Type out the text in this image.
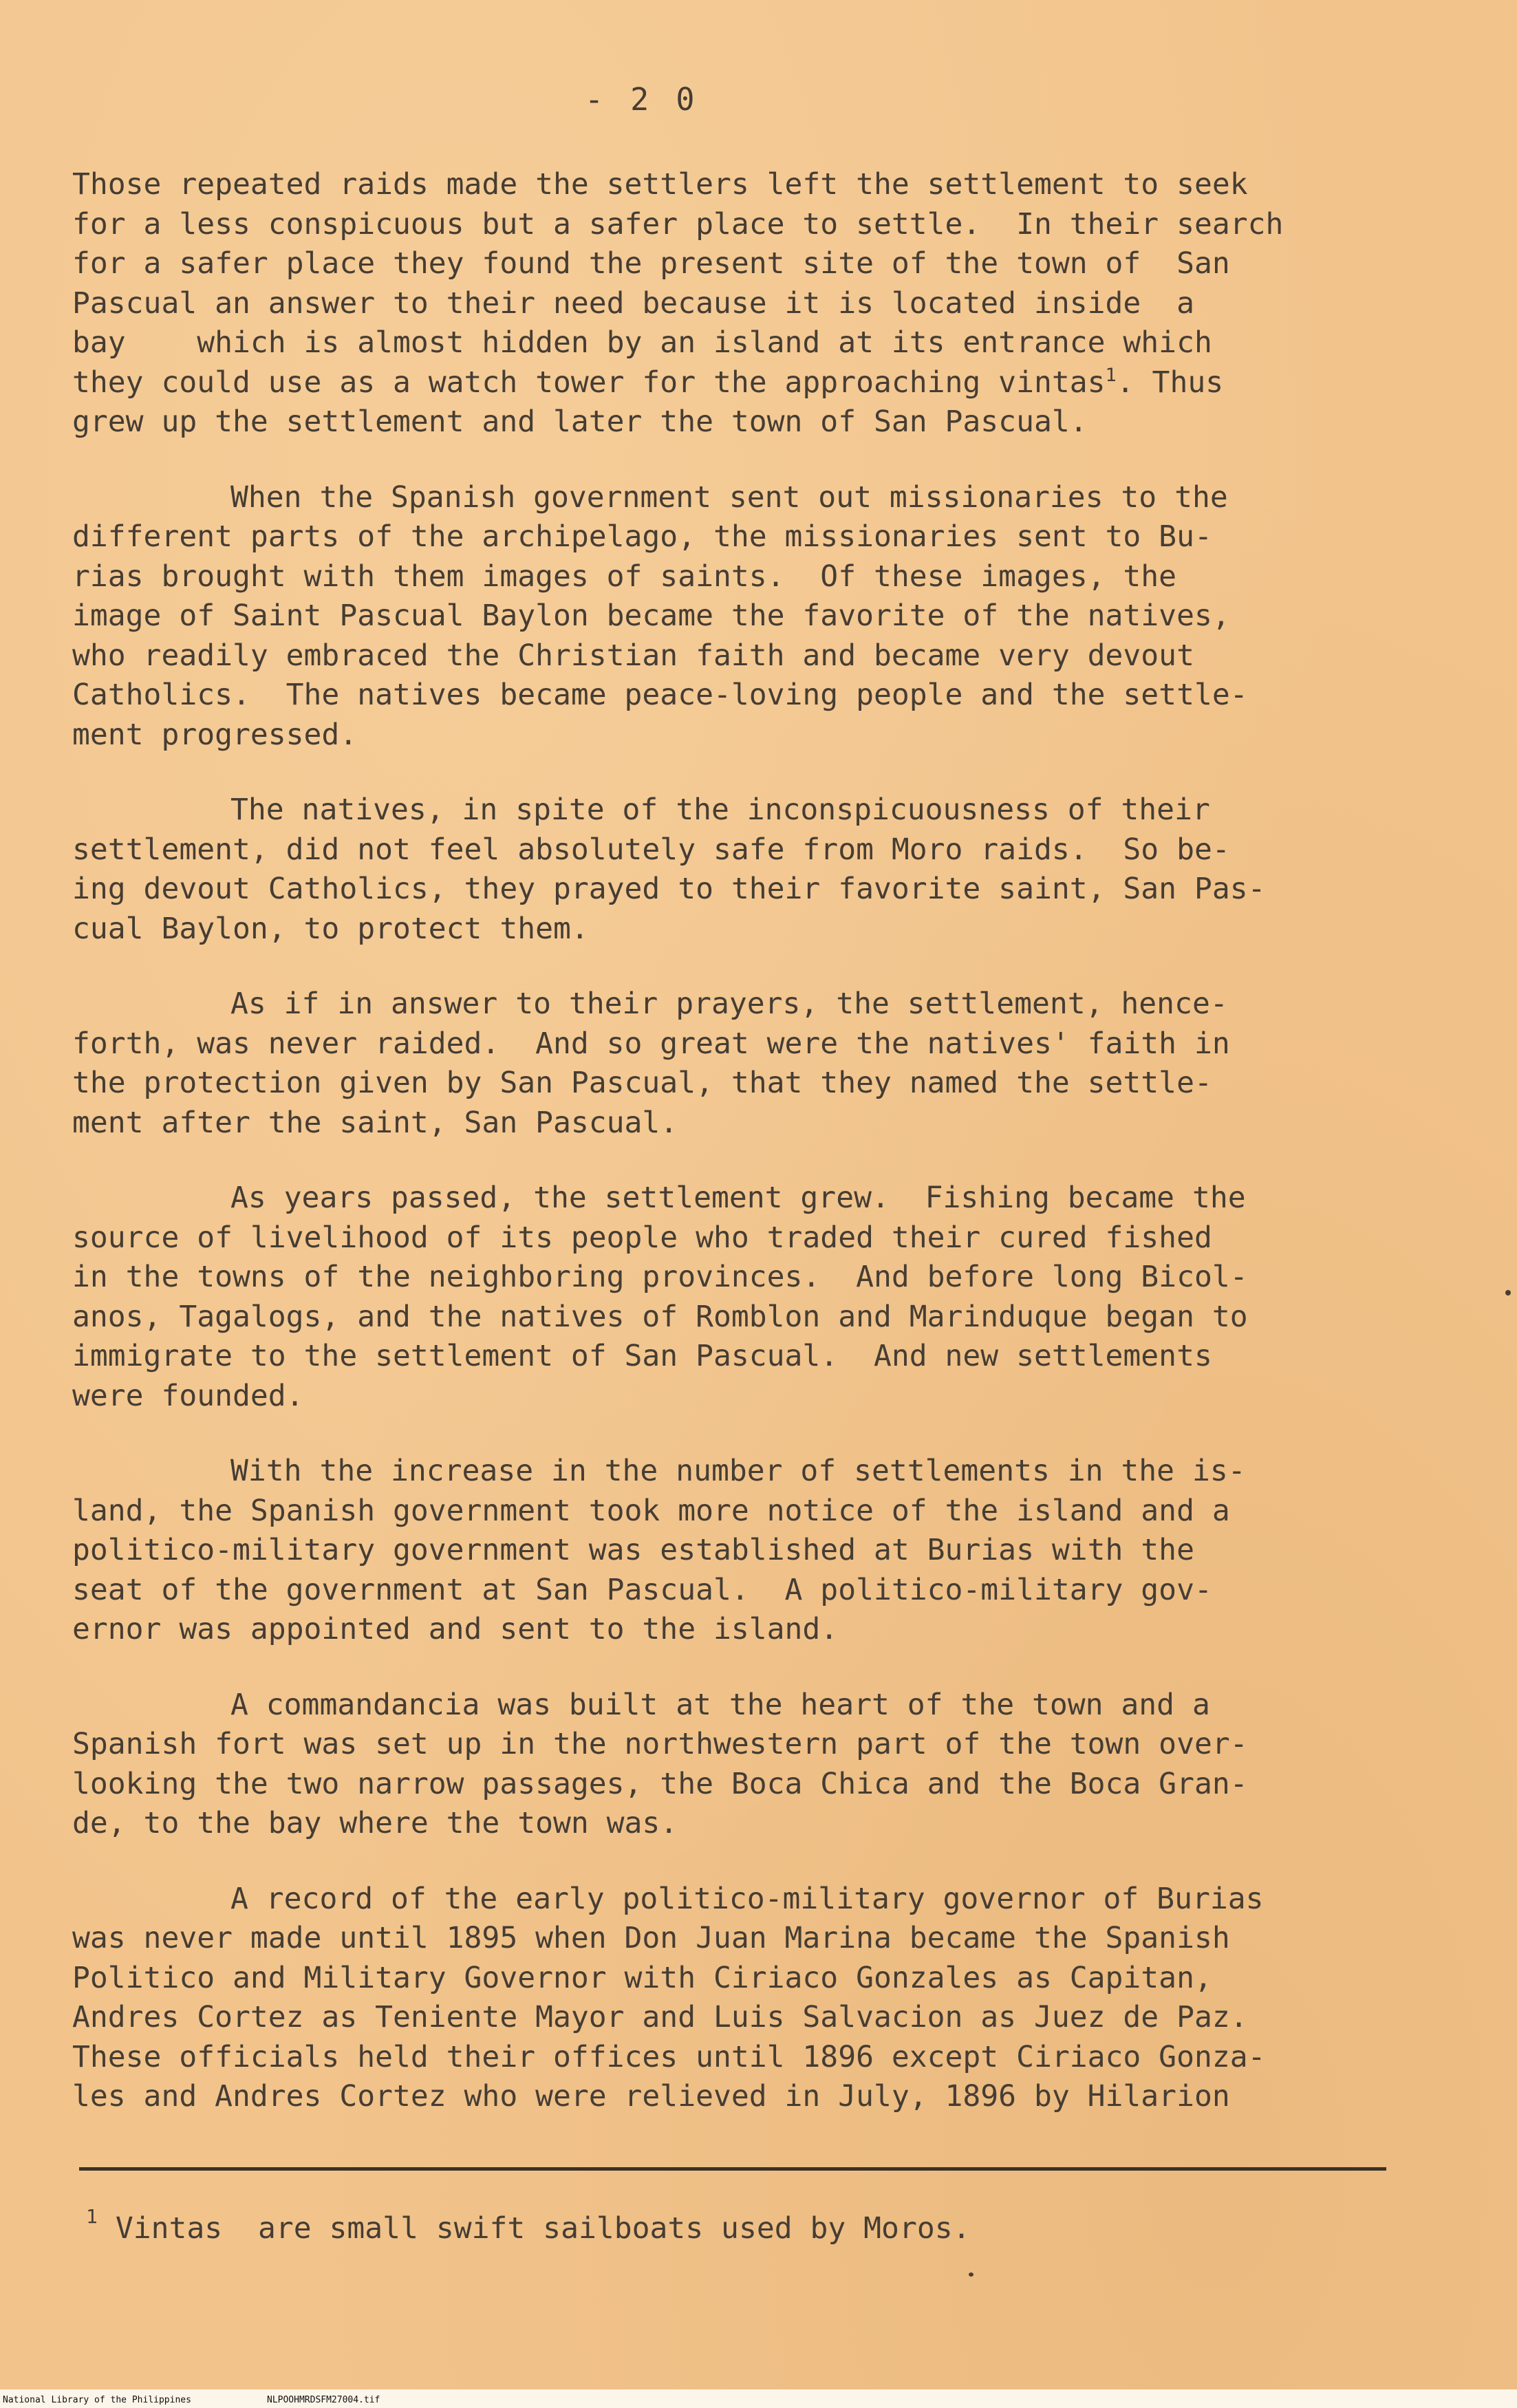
- 2 0
Those repeated raids made the settlers left the settlement to seek
for a less conspicuous but a safer place to settle.  In their search
for a safer place they found the present site of the town of  San
Pascual an answer to their need because it is located inside  a
bay    which is almost hidden by an island at its entrance which
they could use as a watch tower for the approaching vintas$^1$. Thus
grew up the settlement and later the town of San Pascual.
When the Spanish government sent out missionaries to the
different parts of the archipelago, the missionaries sent to Bu-
rias brought with them images of saints.  Of these images, the
image of Saint Pascual Baylon became the favorite of the natives,
who readily embraced the Christian faith and became very devout
Catholics.  The natives became peace-loving people and the settle-
ment progressed.
The natives, in spite of the inconspicuousness of their
settlement, did not feel absolutely safe from Moro raids.  So be-
ing devout Catholics, they prayed to their favorite saint, San Pas-
cual Baylon, to protect them.
As if in answer to their prayers, the settlement, hence-
forth, was never raided.  And so great were the natives' faith in
the protection given by San Pascual, that they named the settle-
ment after the saint, San Pascual.
As years passed, the settlement grew.  Fishing became the
source of livelihood of its people who traded their cured fished
in the towns of the neighboring provinces.  And before long Bicol-
anos, Tagalogs, and the natives of Romblon and Marinduque began to
immigrate to the settlement of San Pascual.  And new settlements
were founded.
With the increase in the number of settlements in the is-
land, the Spanish government took more notice of the island and a
politico-military government was established at Burias with the
seat of the government at San Pascual.  A politico-military gov-
ernor was appointed and sent to the island.
A commandancia was built at the heart of the town and a
Spanish fort was set up in the northwestern part of the town over-
looking the two narrow passages, the Boca Chica and the Boca Gran-
de, to the bay where the town was.
A record of the early politico-military governor of Burias
was never made until 1895 when Don Juan Marina became the Spanish
Politico and Military Governor with Ciriaco Gonzales as Capitan,
Andres Cortez as Teniente Mayor and Luis Salvacion as Juez de Paz.
These officials held their offices until 1896 except Ciriaco Gonza-
les and Andres Cortez who were relieved in July, 1896 by Hilarion
$^1$ Vintas  are small swift sailboats used by Moros.
National Library of the Philippines	NLPOOHMRDSFM27004.tif
